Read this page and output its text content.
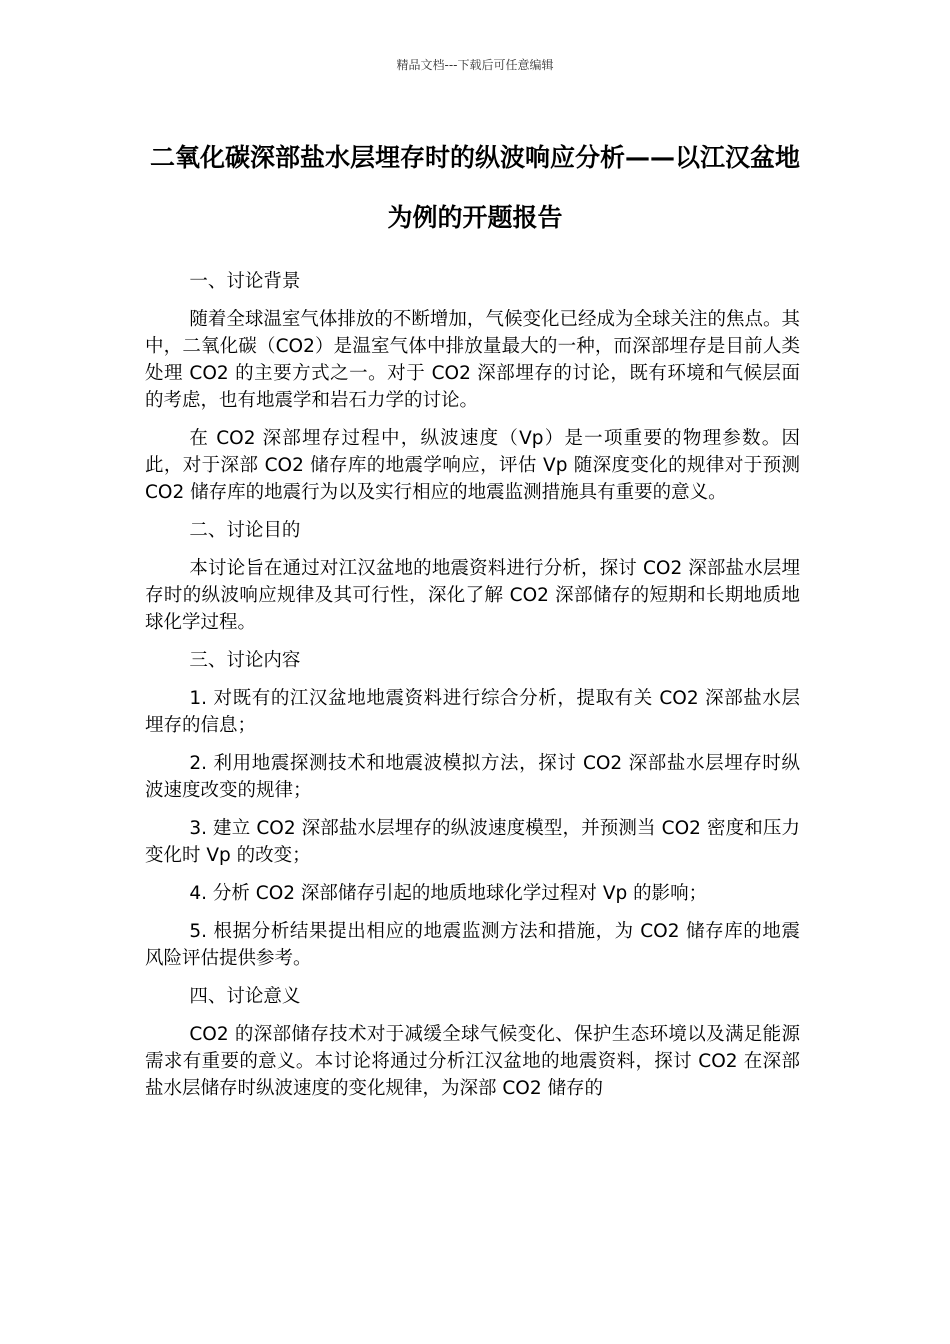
精品文档---下载后可任意编辑
二氧化碳深部盐水层埋存时的纵波响应分析——以江汉盆地为例的开题报告

一、讨论背景

随着全球温室气体排放的不断增加，气候变化已经成为全球关注的焦点。其中，二氧化碳（CO2）是温室气体中排放量最大的一种，而深部埋存是目前人类处理 CO2 的主要方式之一。对于 CO2 深部埋存的讨论，既有环境和气候层面的考虑，也有地震学和岩石力学的讨论。

在 CO2 深部埋存过程中，纵波速度（Vp）是一项重要的物理参数。因此，对于深部 CO2 储存库的地震学响应，评估 Vp 随深度变化的规律对于预测 CO2 储存库的地震行为以及实行相应的地震监测措施具有重要的意义。

二、讨论目的

本讨论旨在通过对江汉盆地的地震资料进行分析，探讨 CO2 深部盐水层埋存时的纵波响应规律及其可行性，深化了解 CO2 深部储存的短期和长期地质地球化学过程。

三、讨论内容

1. 对既有的江汉盆地地震资料进行综合分析，提取有关 CO2 深部盐水层埋存的信息；

2. 利用地震探测技术和地震波模拟方法，探讨 CO2 深部盐水层埋存时纵波速度改变的规律；

3. 建立 CO2 深部盐水层埋存的纵波速度模型，并预测当 CO2 密度和压力变化时 Vp 的改变；

4. 分析 CO2 深部储存引起的地质地球化学过程对 Vp 的影响；

5. 根据分析结果提出相应的地震监测方法和措施，为 CO2 储存库的地震风险评估提供参考。

四、讨论意义

CO2 的深部储存技术对于减缓全球气候变化、保护生态环境以及满足能源需求有重要的意义。本讨论将通过分析江汉盆地的地震资料，探讨 CO2 在深部盐水层储存时纵波速度的变化规律，为深部 CO2 储存的
